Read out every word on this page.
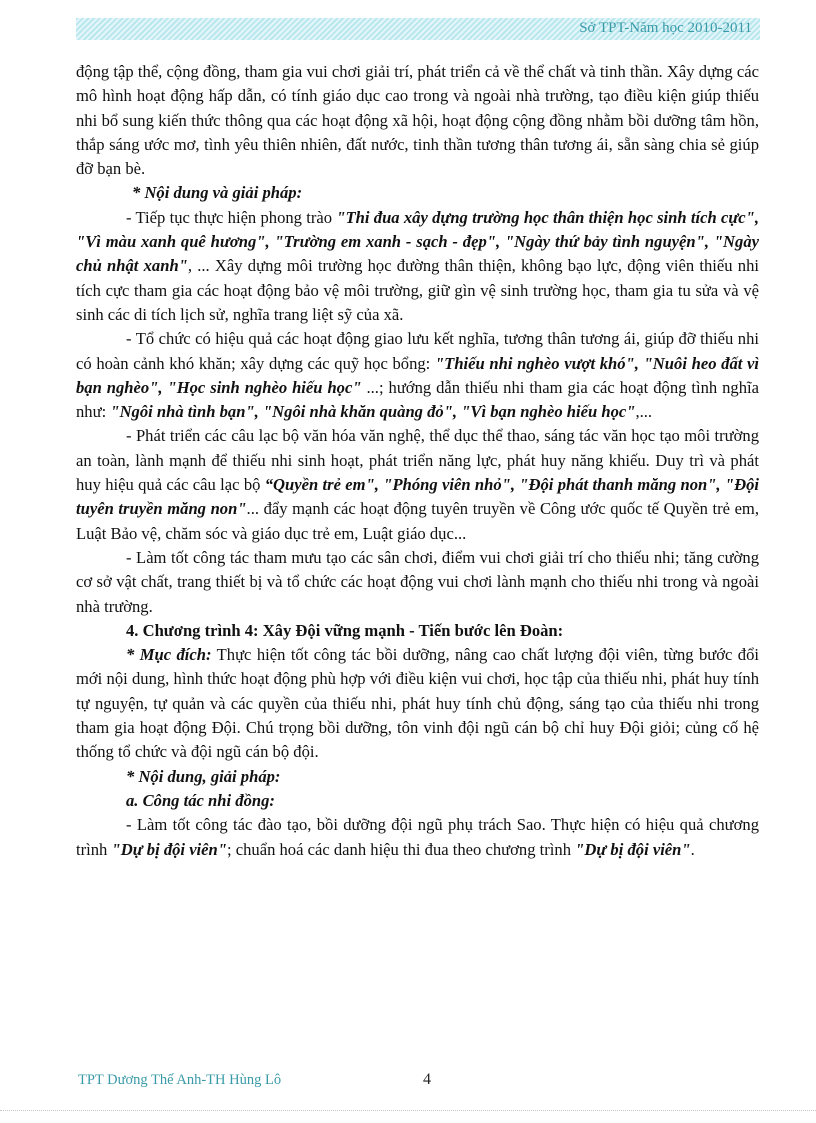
Sở TPT-Năm học 2010-2011

động tập thể, cộng đồng, tham gia vui chơi giải trí, phát triển cả về thể chất và tinh thần. Xây dựng các mô hình hoạt động hấp dẫn, có tính giáo dục cao trong và ngoài nhà trường, tạo điều kiện giúp thiếu nhi bổ sung kiến thức thông qua các hoạt động xã hội, hoạt động cộng đồng nhằm bồi dưỡng tâm hồn, thắp sáng ước mơ, tình yêu thiên nhiên, đất nước, tinh thần tương thân tương ái, sẵn sàng chia sẻ giúp đỡ bạn bè.

* Nội dung và giải pháp:

- Tiếp tục thực hiện phong trào "Thi đua xây dựng trường học thân thiện học sinh tích cực", "Vì màu xanh quê hương", "Trường em xanh - sạch - đẹp", "Ngày thứ bảy tình nguyện", "Ngày chủ nhật xanh", ... Xây dựng môi trường học đường thân thiện, không bạo lực, động viên thiếu nhi tích cực tham gia các hoạt động bảo vệ môi trường, giữ gìn vệ sinh trường học, tham gia tu sửa và vệ sinh các di tích lịch sử, nghĩa trang liệt sỹ của xã.

- Tổ chức có hiệu quả các hoạt động giao lưu kết nghĩa, tương thân tương ái, giúp đỡ thiếu nhi có hoàn cảnh khó khăn; xây dựng các quỹ học bổng: "Thiếu nhi nghèo vượt khó", "Nuôi heo đất vì bạn nghèo", "Học sinh nghèo hiếu học" ...; hướng dẫn thiếu nhi tham gia các hoạt động tình nghĩa như: "Ngôi nhà tình bạn", "Ngôi nhà khăn quàng đỏ", "Vì bạn nghèo hiếu học",...

- Phát triển các câu lạc bộ văn hóa văn nghệ, thể dục thể thao, sáng tác văn học tạo môi trường an toàn, lành mạnh để thiếu nhi sinh hoạt, phát triển năng lực, phát huy năng khiếu. Duy trì và phát huy hiệu quả các câu lạc bộ “Quyền trẻ em", "Phóng viên nhỏ", "Đội phát thanh măng non", "Đội tuyên truyền măng non"... đẩy mạnh các hoạt động tuyên truyền về Công ước quốc tế Quyền trẻ em, Luật Bảo vệ, chăm sóc và giáo dục trẻ em, Luật giáo dục...

- Làm tốt công tác tham mưu tạo các sân chơi, điểm vui chơi giải trí cho thiếu nhi; tăng cường cơ sở vật chất, trang thiết bị và tổ chức các hoạt động vui chơi lành mạnh cho thiếu nhi trong và ngoài nhà trường.

4. Chương trình 4: Xây Đội vững mạnh - Tiến bước lên Đoàn:

* Mục đích: Thực hiện tốt công tác bồi dưỡng, nâng cao chất lượng đội viên, từng bước đổi mới nội dung, hình thức hoạt động phù hợp với điều kiện vui chơi, học tập của thiếu nhi, phát huy tính tự nguyện, tự quản và các quyền của thiếu nhi, phát huy tính chủ động, sáng tạo của thiếu nhi trong tham gia hoạt động Đội. Chú trọng bồi dưỡng, tôn vinh đội ngũ cán bộ chỉ huy Đội giỏi; củng cố hệ thống tổ chức và đội ngũ cán bộ đội.

* Nội dung, giải pháp:

a. Công tác nhi đồng:

- Làm tốt công tác đào tạo, bồi dưỡng đội ngũ phụ trách Sao. Thực hiện có hiệu quả chương trình "Dự bị đội viên"; chuẩn hoá các danh hiệu thi đua theo chương trình "Dự bị đội viên".

TPT Dương Thế Anh-TH Hùng Lô	4
